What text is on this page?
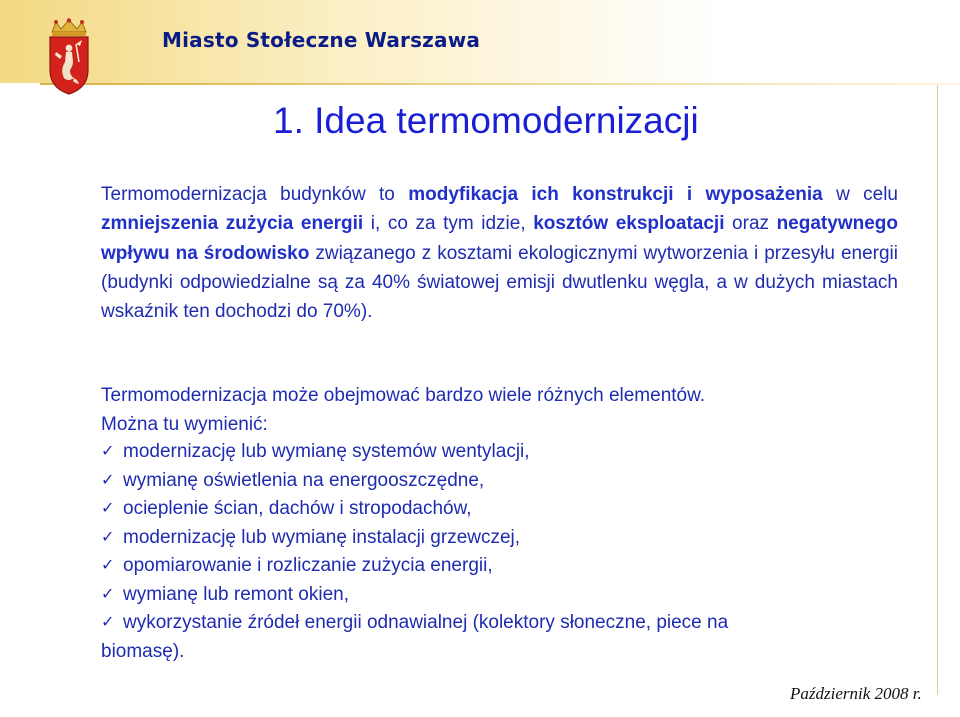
Miasto Stołeczne Warszawa
1. Idea termomodernizacji

Termomodernizacja budynków to modyfikacja ich konstrukcji i wyposażenia w celu zmniejszenia zużycia energii i, co za tym idzie, kosztów eksploatacji oraz negatywnego wpływu na środowisko związanego z kosztami ekologicznymi wytworzenia i przesyłu energii (budynki odpowiedzialne są za 40% światowej emisji dwutlenku węgla, a w dużych miastach wskaźnik ten dochodzi do 70%).

Termomodernizacja może obejmować bardzo wiele różnych elementów.
Można tu wymienić:

✓ modernizację lub wymianę systemów wentylacji,
✓ wymianę oświetlenia na energooszczędne,
✓ ocieplenie ścian, dachów i stropodachów,
✓ modernizację lub wymianę instalacji grzewczej,
✓ opomiarowanie i rozliczanie zużycia energii,
✓ wymianę lub remont okien,
✓ wykorzystanie źródeł energii odnawialnej (kolektory słoneczne, piece na
biomasę).

Październik 2008 r.
